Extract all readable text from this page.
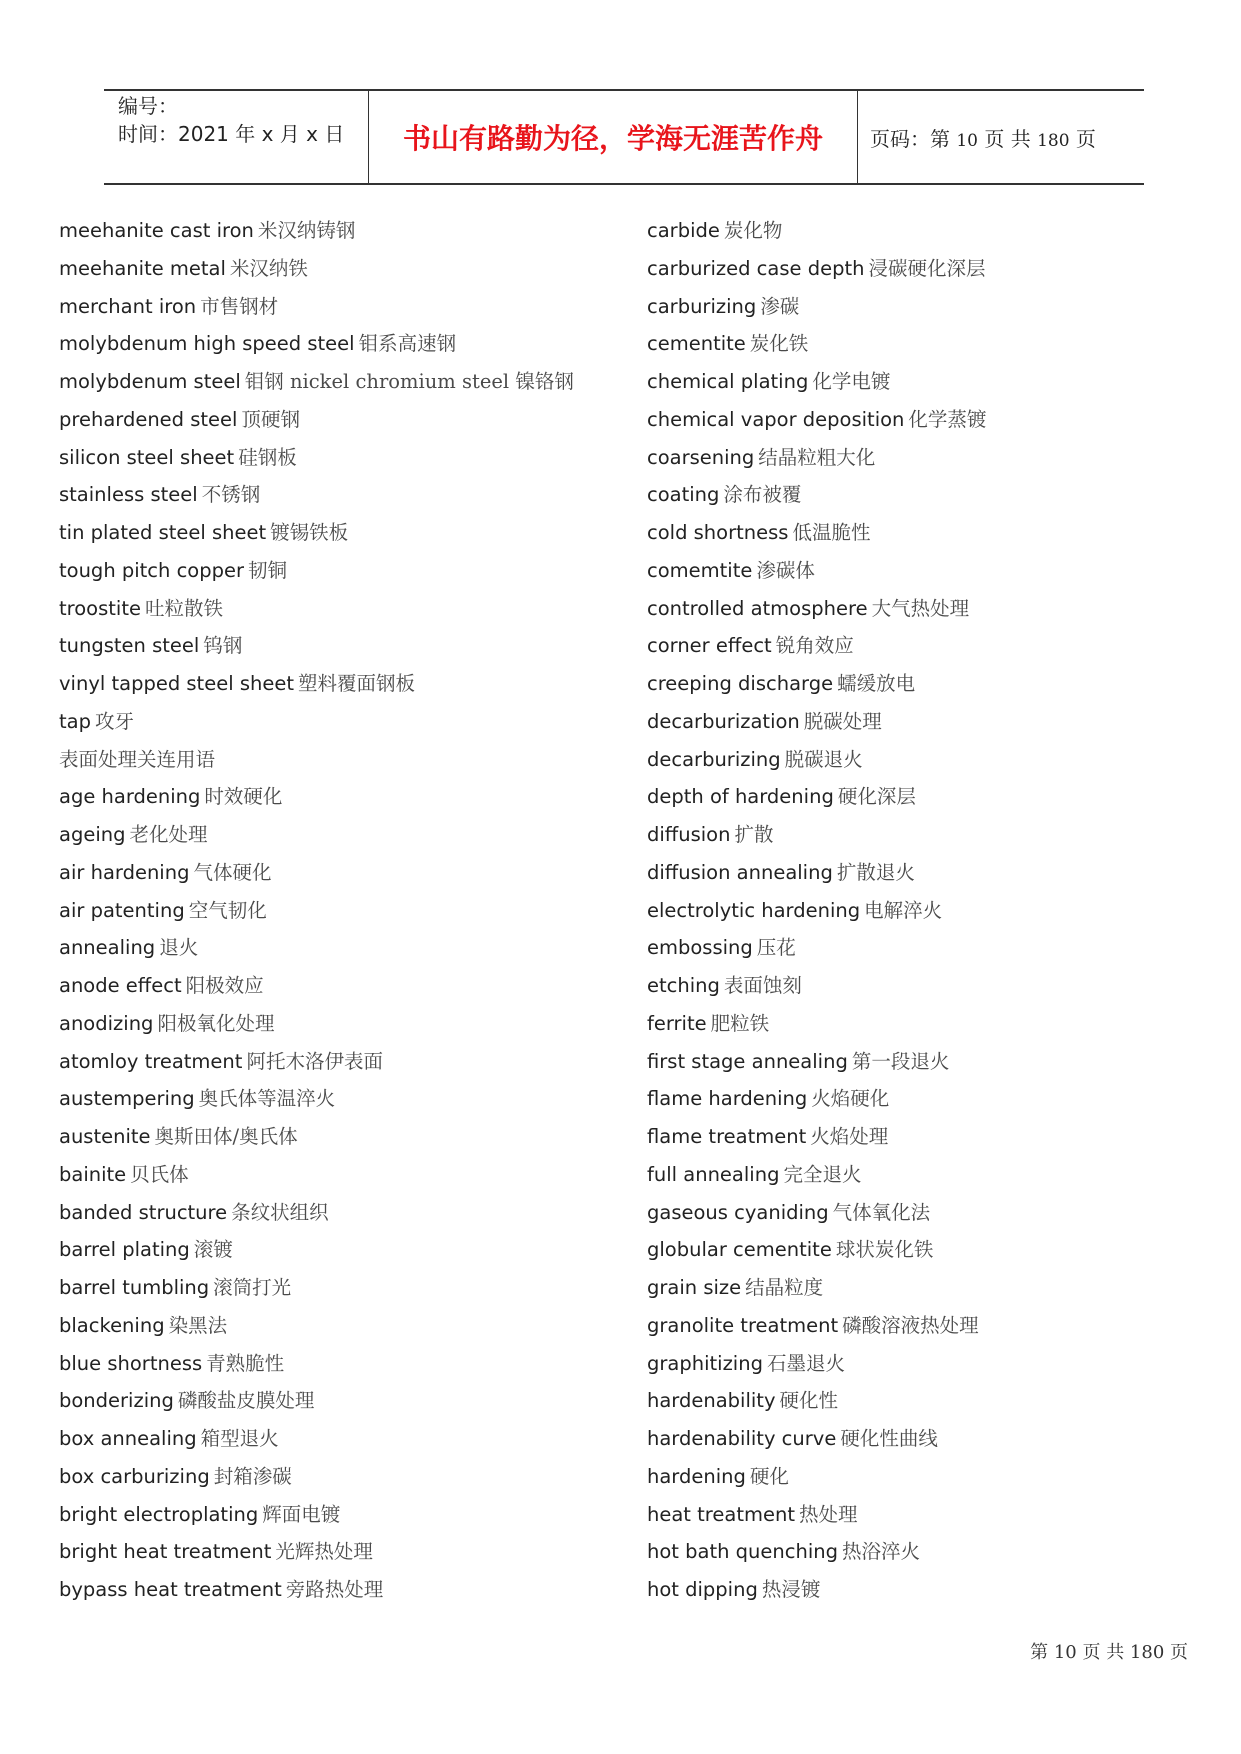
编号：
时间：2021 年 x 月 x 日 书山有路勤为径，学海无涯苦作舟	页码：第 10 页 共 180 页
meehanite cast iron 米汉纳铸钢
meehanite metal 米汉纳铁
merchant iron 市售钢材
molybdenum high speed steel 钼系高速钢
molybdenum steel 钼钢 nickel chromium steel 镍铬钢
prehardened steel 顶硬钢
silicon steel sheet 硅钢板
stainless steel 不锈钢
tin plated steel sheet 镀锡铁板
tough pitch copper 韧铜
troostite 吐粒散铁
tungsten steel 钨钢
vinyl tapped steel sheet 塑料覆面钢板
tap 攻牙
表面处理关连用语
age hardening 时效硬化
ageing 老化处理
air hardening 气体硬化
air patenting 空气韧化
annealing 退火
anode effect 阳极效应
anodizing 阳极氧化处理
atomloy treatment 阿托木洛伊表面
austempering 奥氏体等温淬火
austenite 奥斯田体/奥氏体
bainite 贝氏体
banded structure 条纹状组织
barrel plating 滚镀
barrel tumbling 滚筒打光
blackening 染黑法
blue shortness 青熟脆性
bonderizing 磷酸盐皮膜处理
box annealing 箱型退火
box carburizing 封箱渗碳
bright electroplating 辉面电镀
bright heat treatment 光辉热处理
bypass heat treatment 旁路热处理
carbide 炭化物
carburized case depth 浸碳硬化深层
carburizing 渗碳
cementite 炭化铁
chemical plating 化学电镀
chemical vapor deposition 化学蒸镀
coarsening 结晶粒粗大化
coating 涂布被覆
cold shortness 低温脆性
comemtite 渗碳体
controlled atmosphere 大气热处理
corner effect 锐角效应
creeping discharge 蠕缓放电
decarburization 脱碳处理
decarburizing 脱碳退火
depth of hardening 硬化深层
diffusion 扩散
diffusion annealing 扩散退火
electrolytic hardening 电解淬火
embossing 压花
etching 表面蚀刻
ferrite 肥粒铁
first stage annealing 第一段退火
flame hardening 火焰硬化
flame treatment 火焰处理
full annealing 完全退火
gaseous cyaniding 气体氧化法
globular cementite 球状炭化铁
grain size 结晶粒度
granolite treatment 磷酸溶液热处理
graphitizing 石墨退火
hardenability 硬化性
hardenability curve 硬化性曲线
hardening 硬化
heat treatment 热处理
hot bath quenching 热浴淬火
hot dipping 热浸镀
第 10 页 共 180 页
